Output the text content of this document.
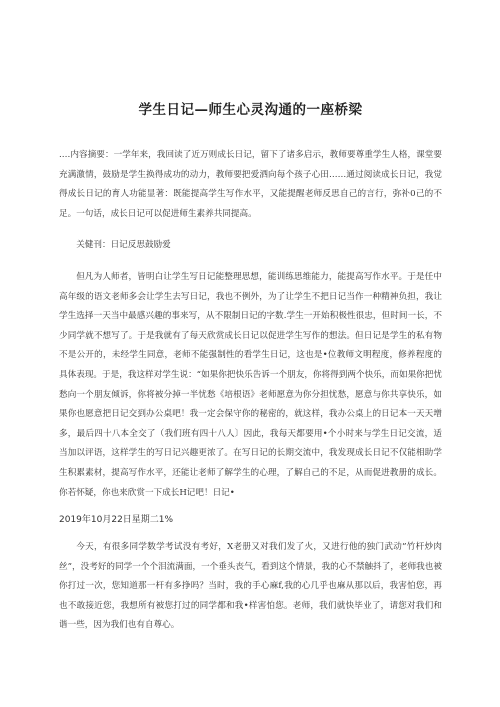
学生日记—师生心灵沟通的一座桥梁

.…内容摘要：一学年来，我回读了近万则成长日记，留下了诸多启示，教师要尊重学生人格，课堂要充满激情，鼓励是学生换得成功的动力，教师要把爱洒向每个孩子心田……通过阅读成长日记，我觉得成长日记的育人功能显著：既能提高学生写作水平，又能提醒老师反思自己的言行，弥补0己的不足。一句话，成长日记可以促进师生素养共同提高。

关健刊：日记反思鼓励爱

但凡为人师者，皆明白让学生写日记能整理思想，能训练思维能力，能提高写作水平。于是任中高年级的语文老师多会让学生去写日记，我也不例外，为了让学生不把日记当作一种精神负担，我让学生选择一天当中最感兴趣的事来写，从不限制日记的字数.学生一开始积极性很忠，但时间一长，不少同学就不想写了。于是我就有了每天欣赏成长日记以促进学生写作的想法。但日记是学生的私有物不是公开的，未经学生同意，老师不能强制性的看学生日记，这也是•位教师文明程度，修养程度的具体表现。于是，我这样对学生说：“如果你把快乐告诉一个朋友，你将得到两个快乐，而如果你把忧愁向一个朋友倾诉，你将被分掉一半忧愁《培根语》老师愿意为你分担忧愁，愿意与你共享快乐，如果你也愿意把日记交到办公桌吧！我一定会保守你的秘密的，就这样，我办公桌上的日记本一天天增多，最后四十八本全交了（我们班有四十八人〕因此，我每天都要用•个小时来与学生日记交流，适当加以评语，这样学生的写日记兴趣更浓了。在写日记的长期交流中，我发现成长日记不仅能相助学生积累素材，提高写作水平，还能让老师了解学生的心理，了解自己的不足，从而促进教册的成长。你若怀疑，你也来欣赏一下成长H记吧！日记•

2019年10月22日星期二1%

今天，有很多同学数学考试没有考好，X老册又对我们发了火，又进行他的独门武动”竹杆炒肉丝”，没考好的同学一个个泪流满面，一个垂头丧气，看到这个情景，我的心不禁触抖了，老师我也被你打过一次，您知道那一杆有多挣吗？当时，我的手心麻f,我的心几乎也麻从那以后，我害怕您，再也不敢接近您，我想所有被您打过的同学都和我•样害怕您。老师，我们就快毕业了，请您对我们和谐一些，因为我们也有自尊心。
